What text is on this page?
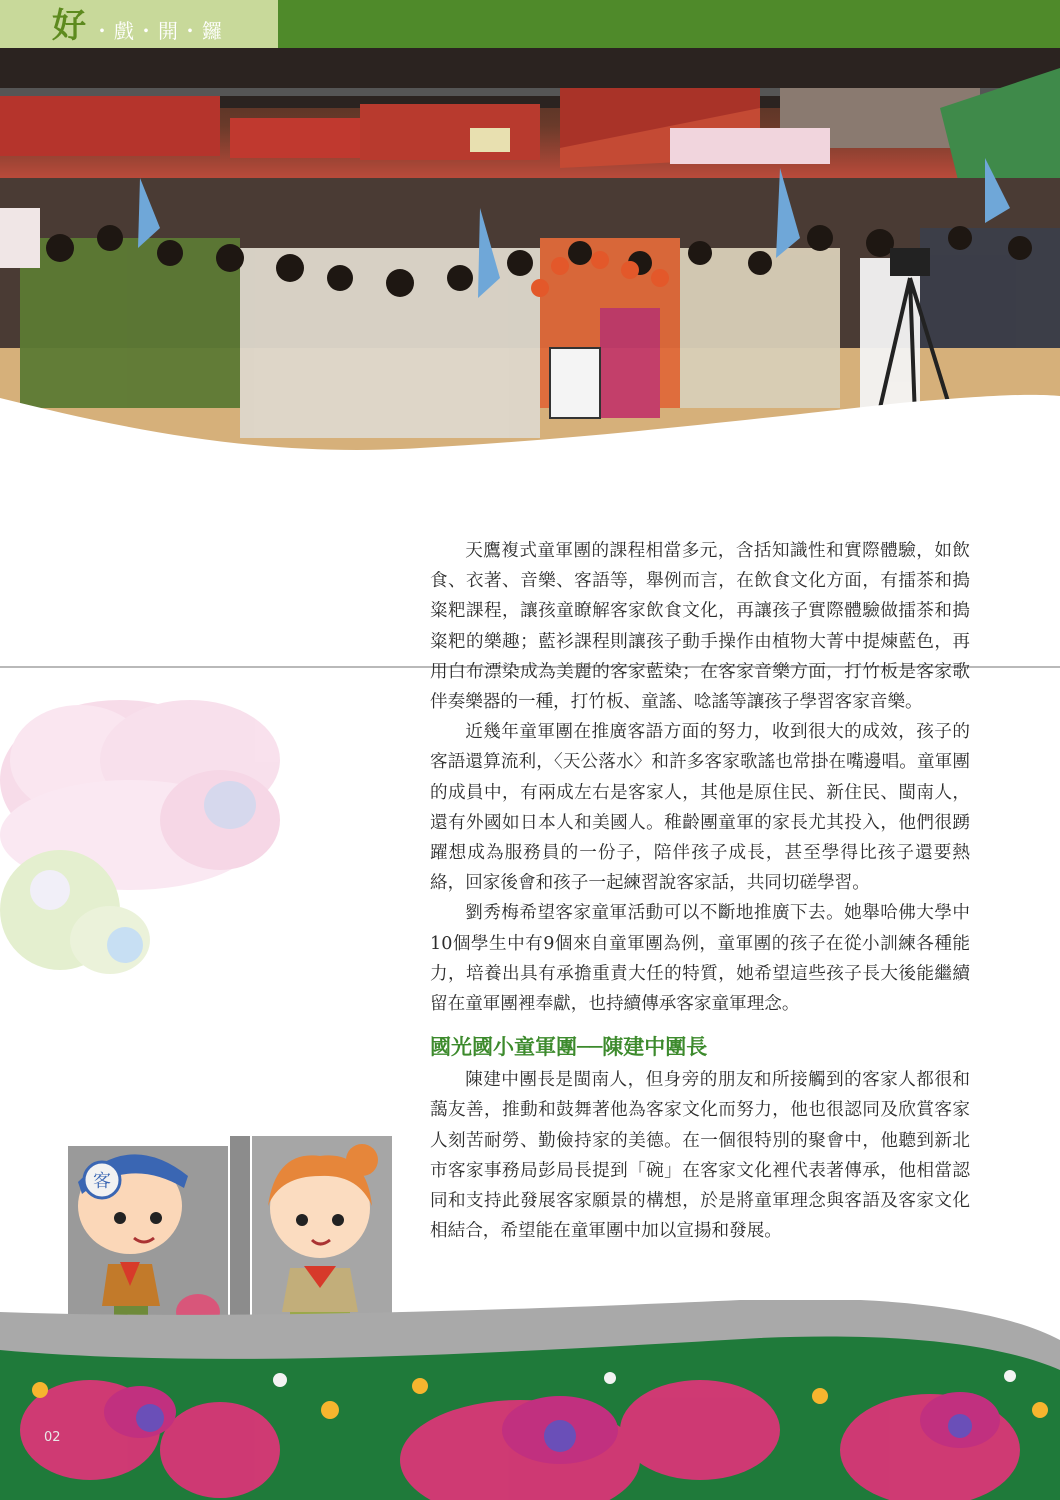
好 ・戲・開・鑼

天鷹複式童軍團的課程相當多元，含括知識性和實際體驗，如飲食、衣著、音樂、客語等，舉例而言，在飲食文化方面，有擂茶和搗粢粑課程，讓孩童瞭解客家飲食文化，再讓孩子實際體驗做擂茶和搗粢粑的樂趣；藍衫課程則讓孩子動手操作由植物大菁中提煉藍色，再用白布漂染成為美麗的客家藍染；在客家音樂方面，打竹板是客家歌伴奏樂器的一種，打竹板、童謠、唸謠等讓孩子學習客家音樂。

近幾年童軍團在推廣客語方面的努力，收到很大的成效，孩子的客語還算流利，〈天公落水〉和許多客家歌謠也常掛在嘴邊唱。童軍團的成員中，有兩成左右是客家人，其他是原住民、新住民、閩南人，還有外國如日本人和美國人。稚齡團童軍的家長尤其投入，他們很踴躍想成為服務員的一份子，陪伴孩子成長，甚至學得比孩子還要熱絡，回家後會和孩子一起練習說客家話，共同切磋學習。

劉秀梅希望客家童軍活動可以不斷地推廣下去。她舉哈佛大學中10個學生中有9個來自童軍團為例，童軍團的孩子在從小訓練各種能力，培養出具有承擔重責大任的特質，她希望這些孩子長大後能繼續留在童軍團裡奉獻，也持續傳承客家童軍理念。

國光國小童軍團──陳建中團長

陳建中團長是閩南人，但身旁的朋友和所接觸到的客家人都很和藹友善，推動和鼓舞著他為客家文化而努力，他也很認同及欣賞客家人刻苦耐勞、勤儉持家的美德。在一個很特別的聚會中，他聽到新北市客家事務局彭局長提到「碗」在客家文化裡代表著傳承，他相當認同和支持此發展客家願景的構想，於是將童軍理念與客語及客家文化相結合，希望能在童軍團中加以宣揚和發展。

客
02
